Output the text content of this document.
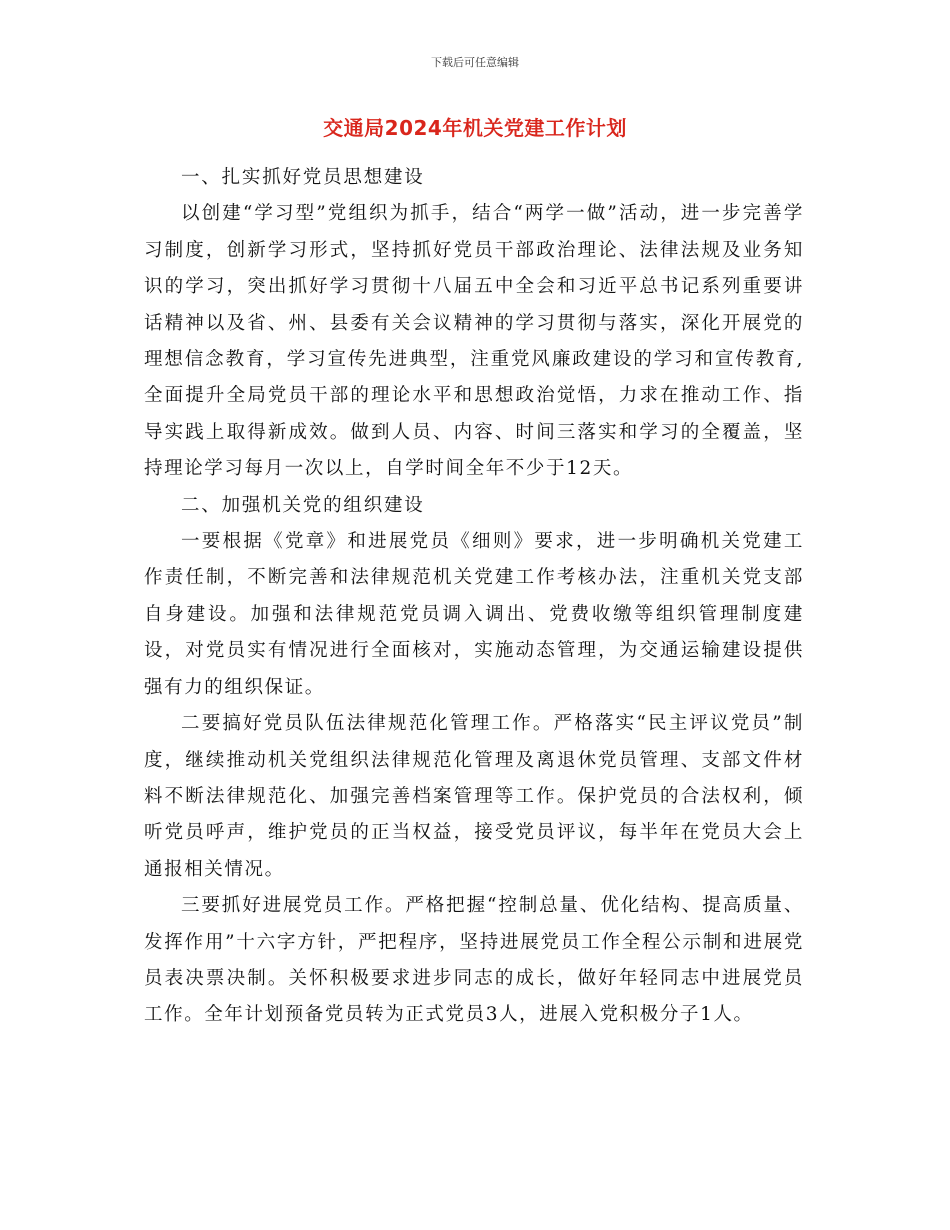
下载后可任意编辑
交通局2024年机关党建工作计划

一、扎实抓好党员思想建设

以创建“学习型”党组织为抓手，结合“两学一做”活动，进一步完善学习制度，创新学习形式，坚持抓好党员干部政治理论、法律法规及业务知识的学习，突出抓好学习贯彻十八届五中全会和习近平总书记系列重要讲话精神以及省、州、县委有关会议精神的学习贯彻与落实，深化开展党的理想信念教育，学习宣传先进典型，注重党风廉政建设的学习和宣传教育,全面提升全局党员干部的理论水平和思想政治觉悟，力求在推动工作、指导实践上取得新成效。做到人员、内容、时间三落实和学习的全覆盖，坚持理论学习每月一次以上，自学时间全年不少于12天。

二、加强机关党的组织建设

一要根据《党章》和进展党员《细则》要求，进一步明确机关党建工作责任制，不断完善和法律规范机关党建工作考核办法，注重机关党支部自身建设。加强和法律规范党员调入调出、党费收缴等组织管理制度建设，对党员实有情况进行全面核对，实施动态管理，为交通运输建设提供强有力的组织保证。

二要搞好党员队伍法律规范化管理工作。严格落实“民主评议党员”制度，继续推动机关党组织法律规范化管理及离退休党员管理、支部文件材料不断法律规范化、加强完善档案管理等工作。保护党员的合法权利，倾听党员呼声，维护党员的正当权益，接受党员评议，每半年在党员大会上通报相关情况。

三要抓好进展党员工作。严格把握“控制总量、优化结构、提高质量、发挥作用”十六字方针，严把程序，坚持进展党员工作全程公示制和进展党员表决票决制。关怀积极要求进步同志的成长，做好年轻同志中进展党员工作。全年计划预备党员转为正式党员3人，进展入党积极分子1人。
